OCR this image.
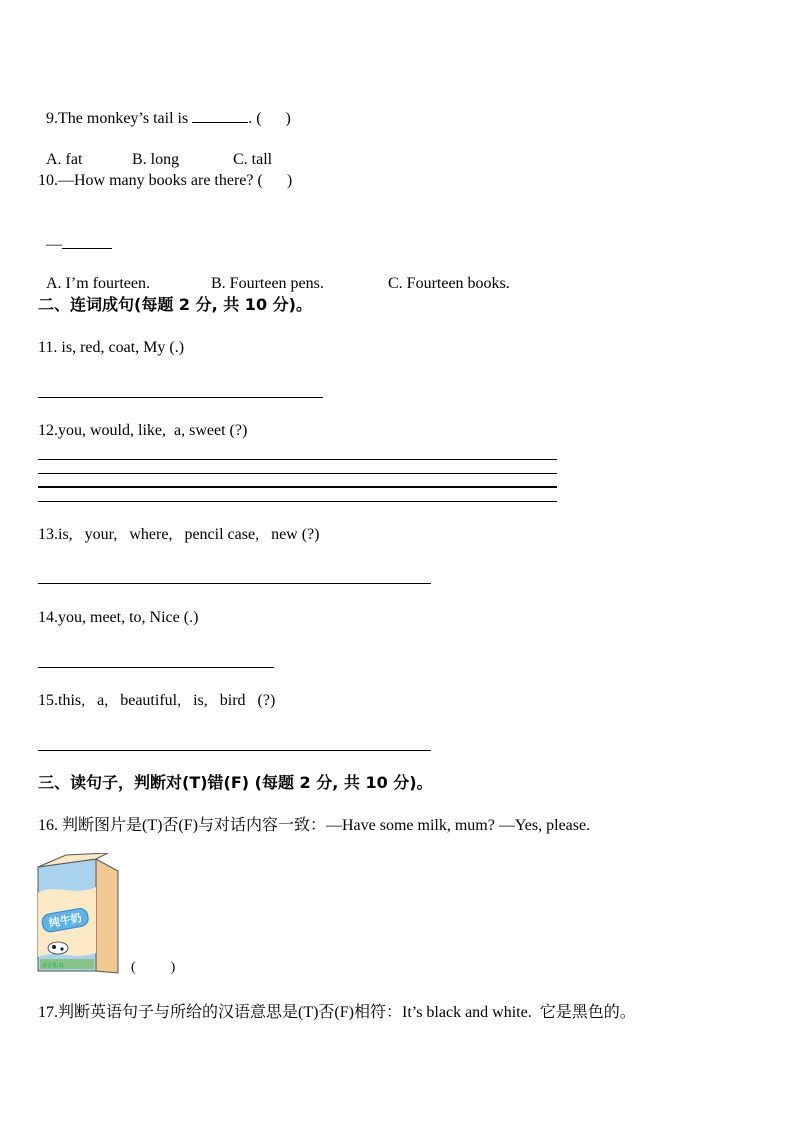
9.The monkey’s tail is	. (      )

A. fat	B. long	C. tall

10.—How many books are there? (      )

—

A. I’m fourteen.	B. Fourteen pens.	C. Fourteen books.

二、连词成句(每题 2 分, 共 10 分)。
11. is, red, coat, My (.)
12.you, would, like,  a, sweet (?)
13.is,   your,   where,   pencil case,   new (?)
14.you, meet, to, Nice (.)
15.this,   a,   beautiful,   is,   bird   (?)
三、读句子，判断对(T)错(F) (每题 2 分, 共 10 分)。
16. 判断图片是(T)否(F)与对话内容一致：—Have some milk, mum? —Yes, please.
净含量:1L
纯牛奶
(          )
17.判断英语句子与所给的汉语意思是(T)否(F)相符：It’s black and white.  它是黑色的。
